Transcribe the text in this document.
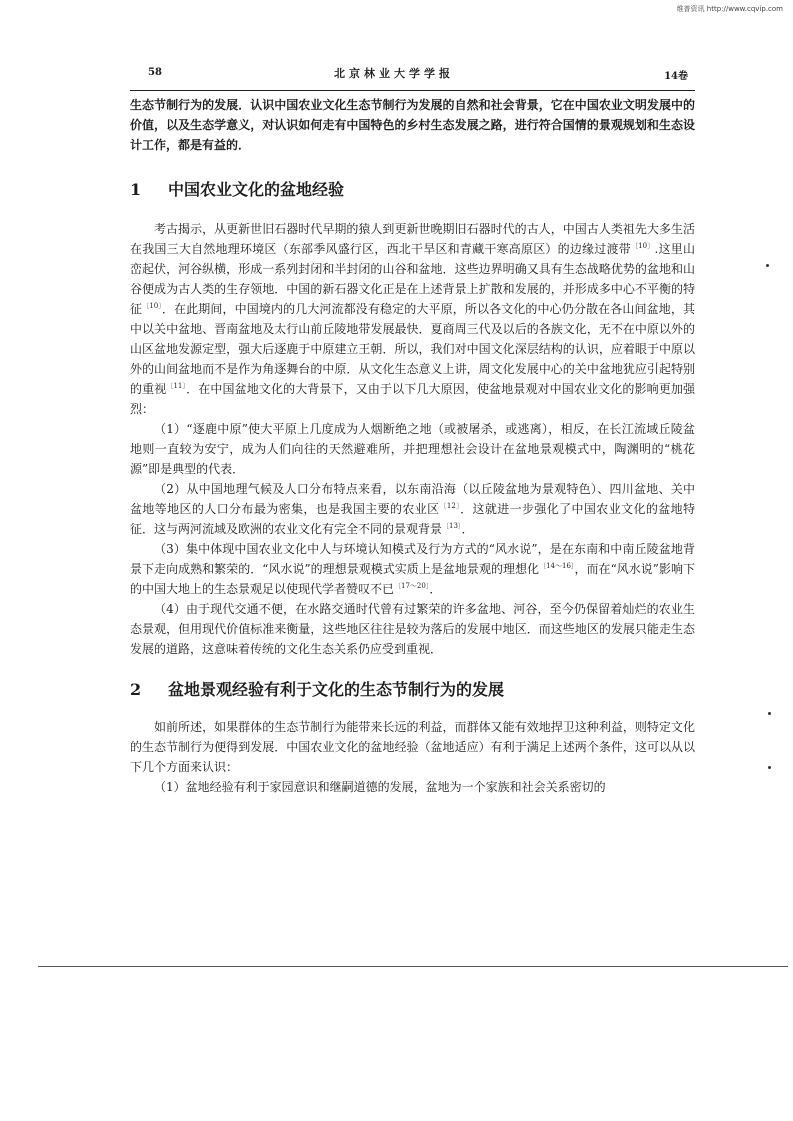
维普资讯 http://www.cqvip.com
58	北京林业大学学报	14卷

生态节制行为的发展．认识中国农业文化生态节制行为发展的自然和社会背景，它在中国农业文明发展中的价值，以及生态学意义，对认识如何走有中国特色的乡村生态发展之路，进行符合国情的景观规划和生态设计工作，都是有益的．

1	中国农业文化的盆地经验

考古揭示，从更新世旧石器时代早期的猿人到更新世晚期旧石器时代的古人，中国古人类祖先大多生活在我国三大自然地理环境区（东部季风盛行区，西北干旱区和青藏干寒高原区）的边缘过渡带$^{〔10〕}$.这里山峦起伏，河谷纵横，形成一系列封闭和半封闭的山谷和盆地．这些边界明确又具有生态战略优势的盆地和山谷便成为古人类的生存领地．中国的新石器文化正是在上述背景上扩散和发展的，并形成多中心不平衡的特征$^{〔10〕}$．在此期间，中国境内的几大河流都没有稳定的大平原，所以各文化的中心仍分散在各山间盆地，其中以关中盆地、晋南盆地及太行山前丘陵地带发展最快．夏商周三代及以后的各族文化，无不在中原以外的山区盆地发源定型，强大后逐鹿于中原建立王朝．所以，我们对中国文化深层结构的认识，应着眼于中原以外的山间盆地而不是作为角逐舞台的中原．从文化生态意义上讲，周文化发展中心的关中盆地犹应引起特别的重视$^{〔11〕}$．在中国盆地文化的大背景下，又由于以下几大原因，使盆地景观对中国农业文化的影响更加强烈：

（1）“逐鹿中原”使大平原上几度成为人烟断绝之地（或被屠杀，或逃离），相反，在长江流域丘陵盆地则一直较为安宁，成为人们向往的天然避难所，并把理想社会设计在盆地景观模式中，陶渊明的“桃花源”即是典型的代表．

（2）从中国地理气候及人口分布特点来看，以东南沿海（以丘陵盆地为景观特色）、四川盆地、关中盆地等地区的人口分布最为密集，也是我国主要的农业区$^{〔12〕}$．这就进一步强化了中国农业文化的盆地特征．这与两河流域及欧洲的农业文化有完全不同的景观背景$^{〔13〕}$．

（3）集中体现中国农业文化中人与环境认知模式及行为方式的“风水说”，是在东南和中南丘陵盆地背景下走向成熟和繁荣的．“风水说”的理想景观模式实质上是盆地景观的理想化$^{〔14\sim 16〕}$，而在“风水说”影响下的中国大地上的生态景观足以使现代学者赞叹不已$^{〔17\sim 20〕}$．

（4）由于现代交通不便，在水路交通时代曾有过繁荣的许多盆地、河谷，至今仍保留着灿烂的农业生态景观，但用现代价值标准来衡量，这些地区往往是较为落后的发展中地区．而这些地区的发展只能走生态发展的道路，这意味着传统的文化生态关系仍应受到重视．

2	盆地景观经验有利于文化的生态节制行为的发展

如前所述，如果群体的生态节制行为能带来长远的利益，而群体又能有效地捍卫这种利益，则特定文化的生态节制行为便得到发展．中国农业文化的盆地经验（盆地适应）有利于满足上述两个条件，这可以从以下几个方面来认识：

（1）盆地经验有利于家园意识和继嗣道德的发展，盆地为一个家族和社会关系密切的
